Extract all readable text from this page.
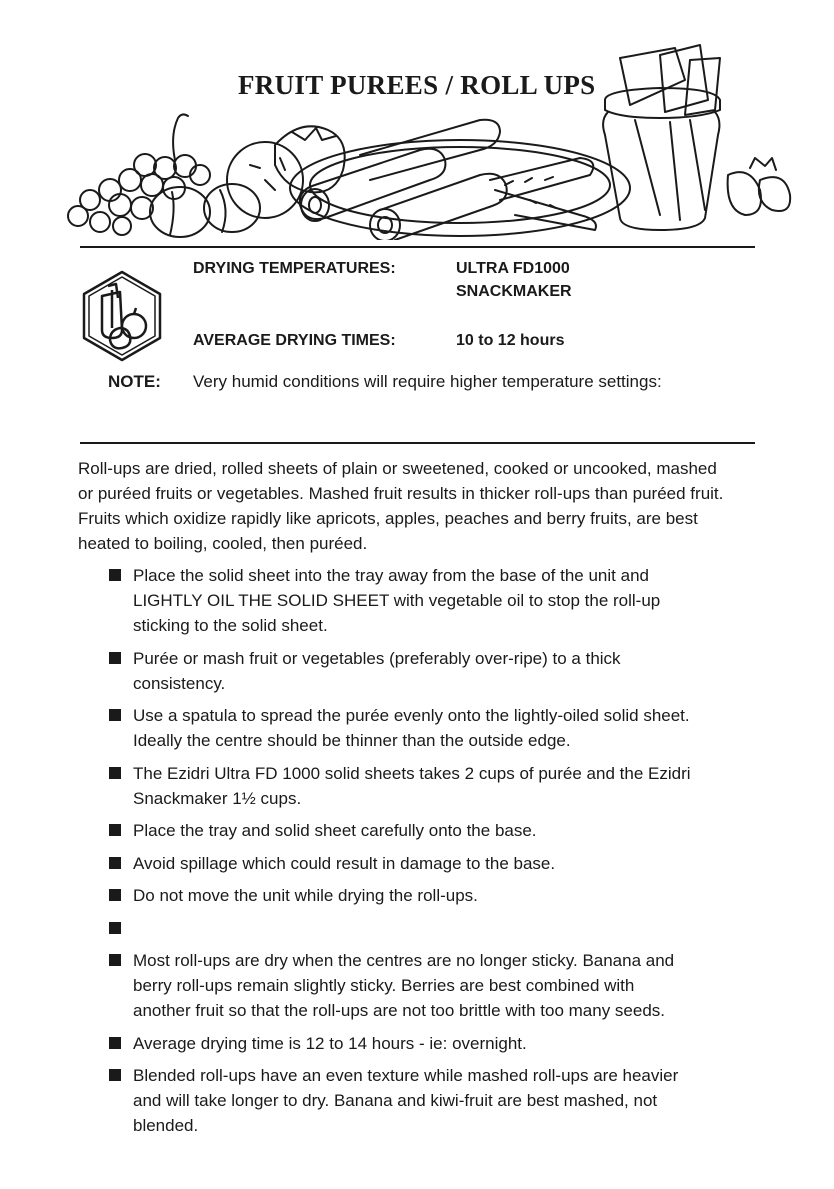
FRUIT PUREES / ROLL UPS
DRYING TEMPERATURES:	ULTRA FD1000
SNACKMAKER
AVERAGE DRYING TIMES:	10 to 12 hours
NOTE: Very humid conditions will require higher temperature settings:

Roll-ups are dried, rolled sheets of plain or sweetened, cooked or uncooked, mashed
or puréed fruits or vegetables. Mashed fruit results in thicker roll-ups than puréed fruit.
Fruits which oxidize rapidly like apricots, apples, peaches and berry fruits, are best
heated to boiling, cooled, then puréed.

Place the solid sheet into the tray away from the base of the unit and
LIGHTLY OIL THE SOLID SHEET with vegetable oil to stop the roll-up
sticking to the solid sheet.
Purée or mash fruit or vegetables (preferably over-ripe) to a thick
consistency.
Use a spatula to spread the purée evenly onto the lightly-oiled solid sheet.
Ideally the centre should be thinner than the outside edge.
The Ezidri Ultra FD 1000 solid sheets takes 2 cups of purée and the Ezidri
Snackmaker 1½ cups.
Place the tray and solid sheet carefully onto the base.
Avoid spillage which could result in damage to the base.
Do not move the unit while drying the roll-ups.
Most roll-ups are dry when the centres are no longer sticky. Banana and
berry roll-ups remain slightly sticky. Berries are best combined with
another fruit so that the roll-ups are not too brittle with too many seeds.
Average drying time is 12 to 14 hours - ie: overnight.
Blended roll-ups have an even texture while mashed roll-ups are heavier
and will take longer to dry. Banana and kiwi-fruit are best mashed, not
blended.
